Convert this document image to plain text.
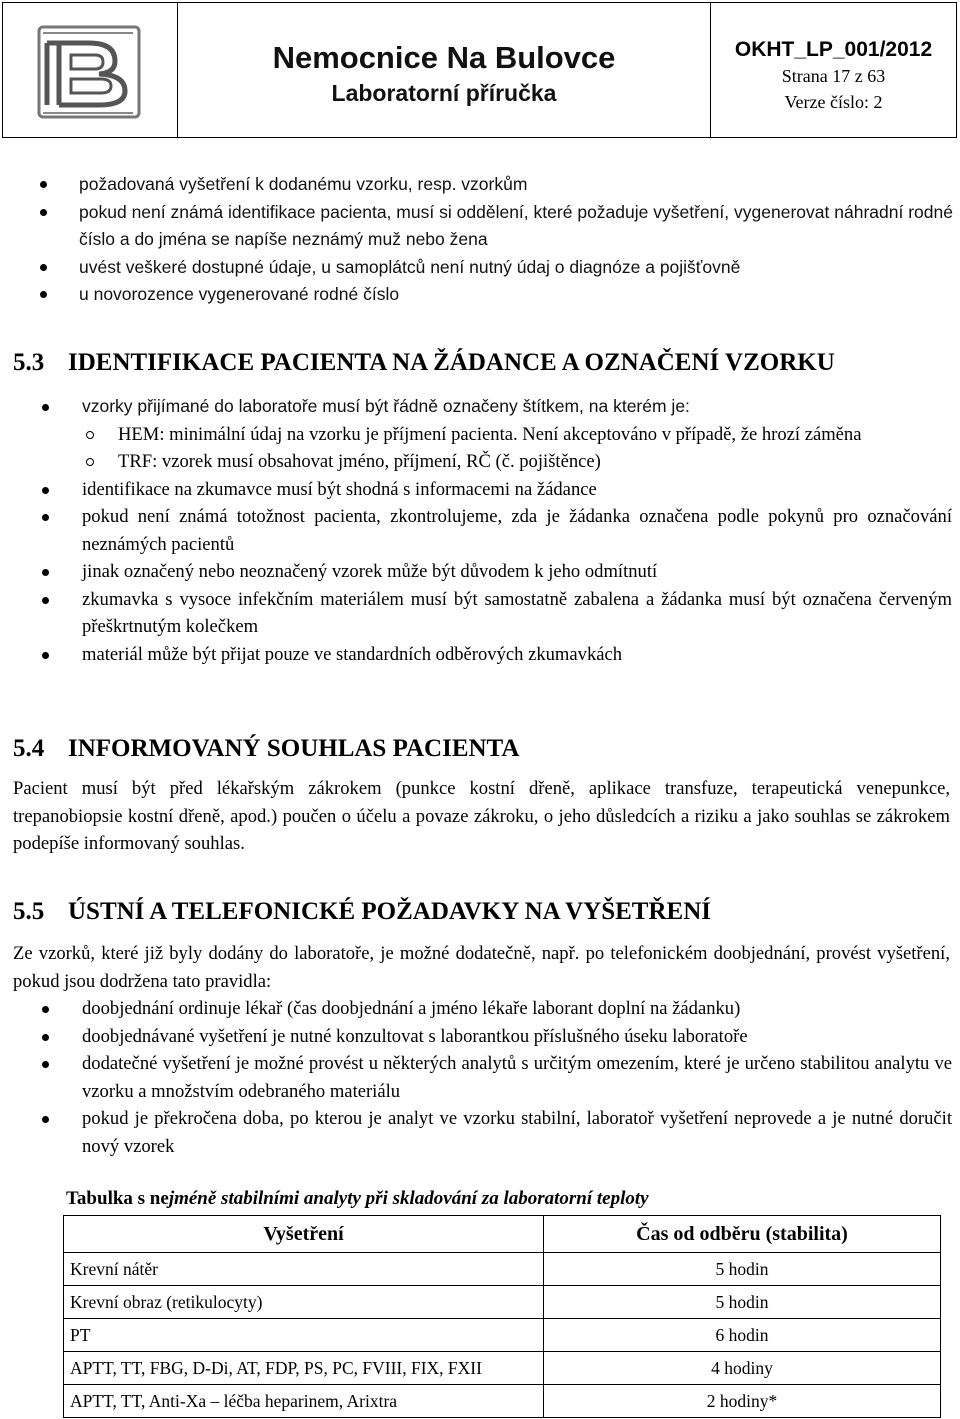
Nemocnice Na Bulovce
Laboratorní příručka
OKHT_LP_001/2012
Strana 17 z 63
Verze číslo: 2
požadovaná vyšetření k dodanému vzorku, resp. vzorkům
pokud není známá identifikace pacienta, musí si oddělení, které požaduje vyšetření, vygenerovat náhradní rodné číslo a do jména se napíše neznámý muž nebo žena
uvést veškeré dostupné údaje, u samoplátců není nutný údaj o diagnóze a pojišťovně
u novorozence vygenerované rodné číslo
5.3 IDENTIFIKACE PACIENTA NA ŽÁDANCE A OZNAČENÍ VZORKU
vzorky přijímané do laboratoře musí být řádně označeny štítkem, na kterém je:
HEM: minimální údaj na vzorku je příjmení pacienta. Není akceptováno v případě, že hrozí záměna
TRF: vzorek musí obsahovat jméno, příjmení, RČ (č. pojištěnce)
identifikace na zkumavce musí být shodná s informacemi na žádance
pokud není známá totožnost pacienta, zkontrolujeme, zda je žádanka označena podle pokynů pro označování neznámých pacientů
jinak označený nebo neoznačený vzorek může být důvodem k jeho odmítnutí
zkumavka s vysoce infekčním materiálem musí být samostatně zabalena a žádanka musí být označena červeným přeškrtnutým kolečkem
materiál může být přijat pouze ve standardních odběrových zkumavkách
5.4 INFORMOVANÝ SOUHLAS PACIENTA
Pacient musí být před lékařským zákrokem (punkce kostní dřeně, aplikace transfuze, terapeutická venepunkce, trepanobiopsie kostní dřeně, apod.) poučen o účelu a povaze zákroku, o jeho důsledcích a riziku a jako souhlas se zákrokem podepíše informovaný souhlas.
5.5 ÚSTNÍ A TELEFONICKÉ POŽADAVKY NA VYŠETŘENÍ
Ze vzorků, které již byly dodány do laboratoře, je možné dodatečně, např. po telefonickém doobjednání, provést vyšetření, pokud jsou dodržena tato pravidla:
doobjednání ordinuje lékař (čas doobjednání a jméno lékaře laborant doplní na žádanku)
doobjednávané vyšetření je nutné konzultovat s laborantkou příslušného úseku laboratoře
dodatečné vyšetření je možné provést u některých analytů s určitým omezením, které je určeno stabilitou analytu ve vzorku a množstvím odebraného materiálu
pokud je překročena doba, po kterou je analyt ve vzorku stabilní, laboratoř vyšetření neprovede a je nutné doručit nový vzorek
Tabulka s nejméně stabilními analyty při skladování za laboratorní teploty
Vyšetření	Čas od odběru (stabilita)
Krevní nátěr	5 hodin
Krevní obraz (retikulocyty)	5 hodin
PT	6 hodin
APTT, TT, FBG, D-Di, AT, FDP, PS, PC, FVIII, FIX, FXII	4 hodiny
APTT, TT, Anti-Xa – léčba heparinem, Arixtra	2 hodiny*
